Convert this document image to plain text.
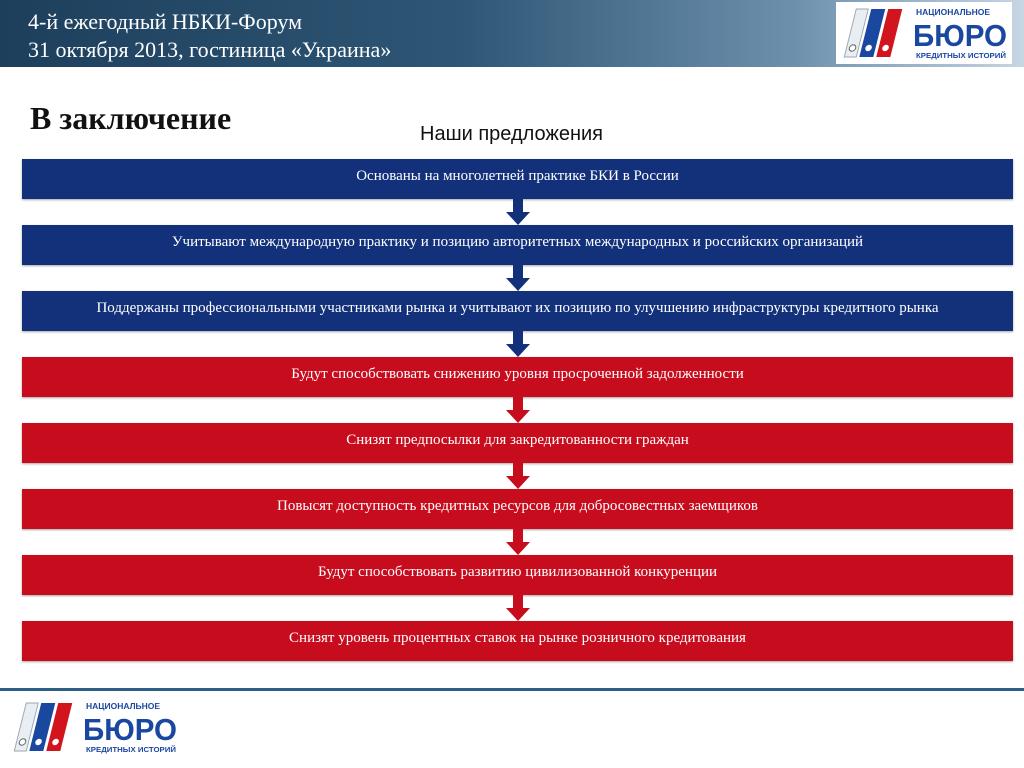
4-й ежегодный НБКИ-Форум
31 октября 2013, гостиница «Украина»
НАЦИОНАЛЬНОЕ
БЮРО
КРЕДИТНЫХ ИСТОРИЙ
В заключение	Наши предложения
Основаны на многолетней практике БКИ в России
Учитывают международную практику и позицию авторитетных международных и российских организаций
Поддержаны профессиональными участниками рынка и учитывают их позицию по улучшению инфраструктуры кредитного рынка
Будут способствовать снижению уровня просроченной задолженности
Снизят предпосылки для закредитованности граждан
Повысят доступность кредитных ресурсов для добросовестных заемщиков
Будут способствовать развитию цивилизованной конкуренции
Снизят уровень процентных ставок на рынке розничного кредитования
НАЦИОНАЛЬНОЕ
БЮРО
КРЕДИТНЫХ ИСТОРИЙ
